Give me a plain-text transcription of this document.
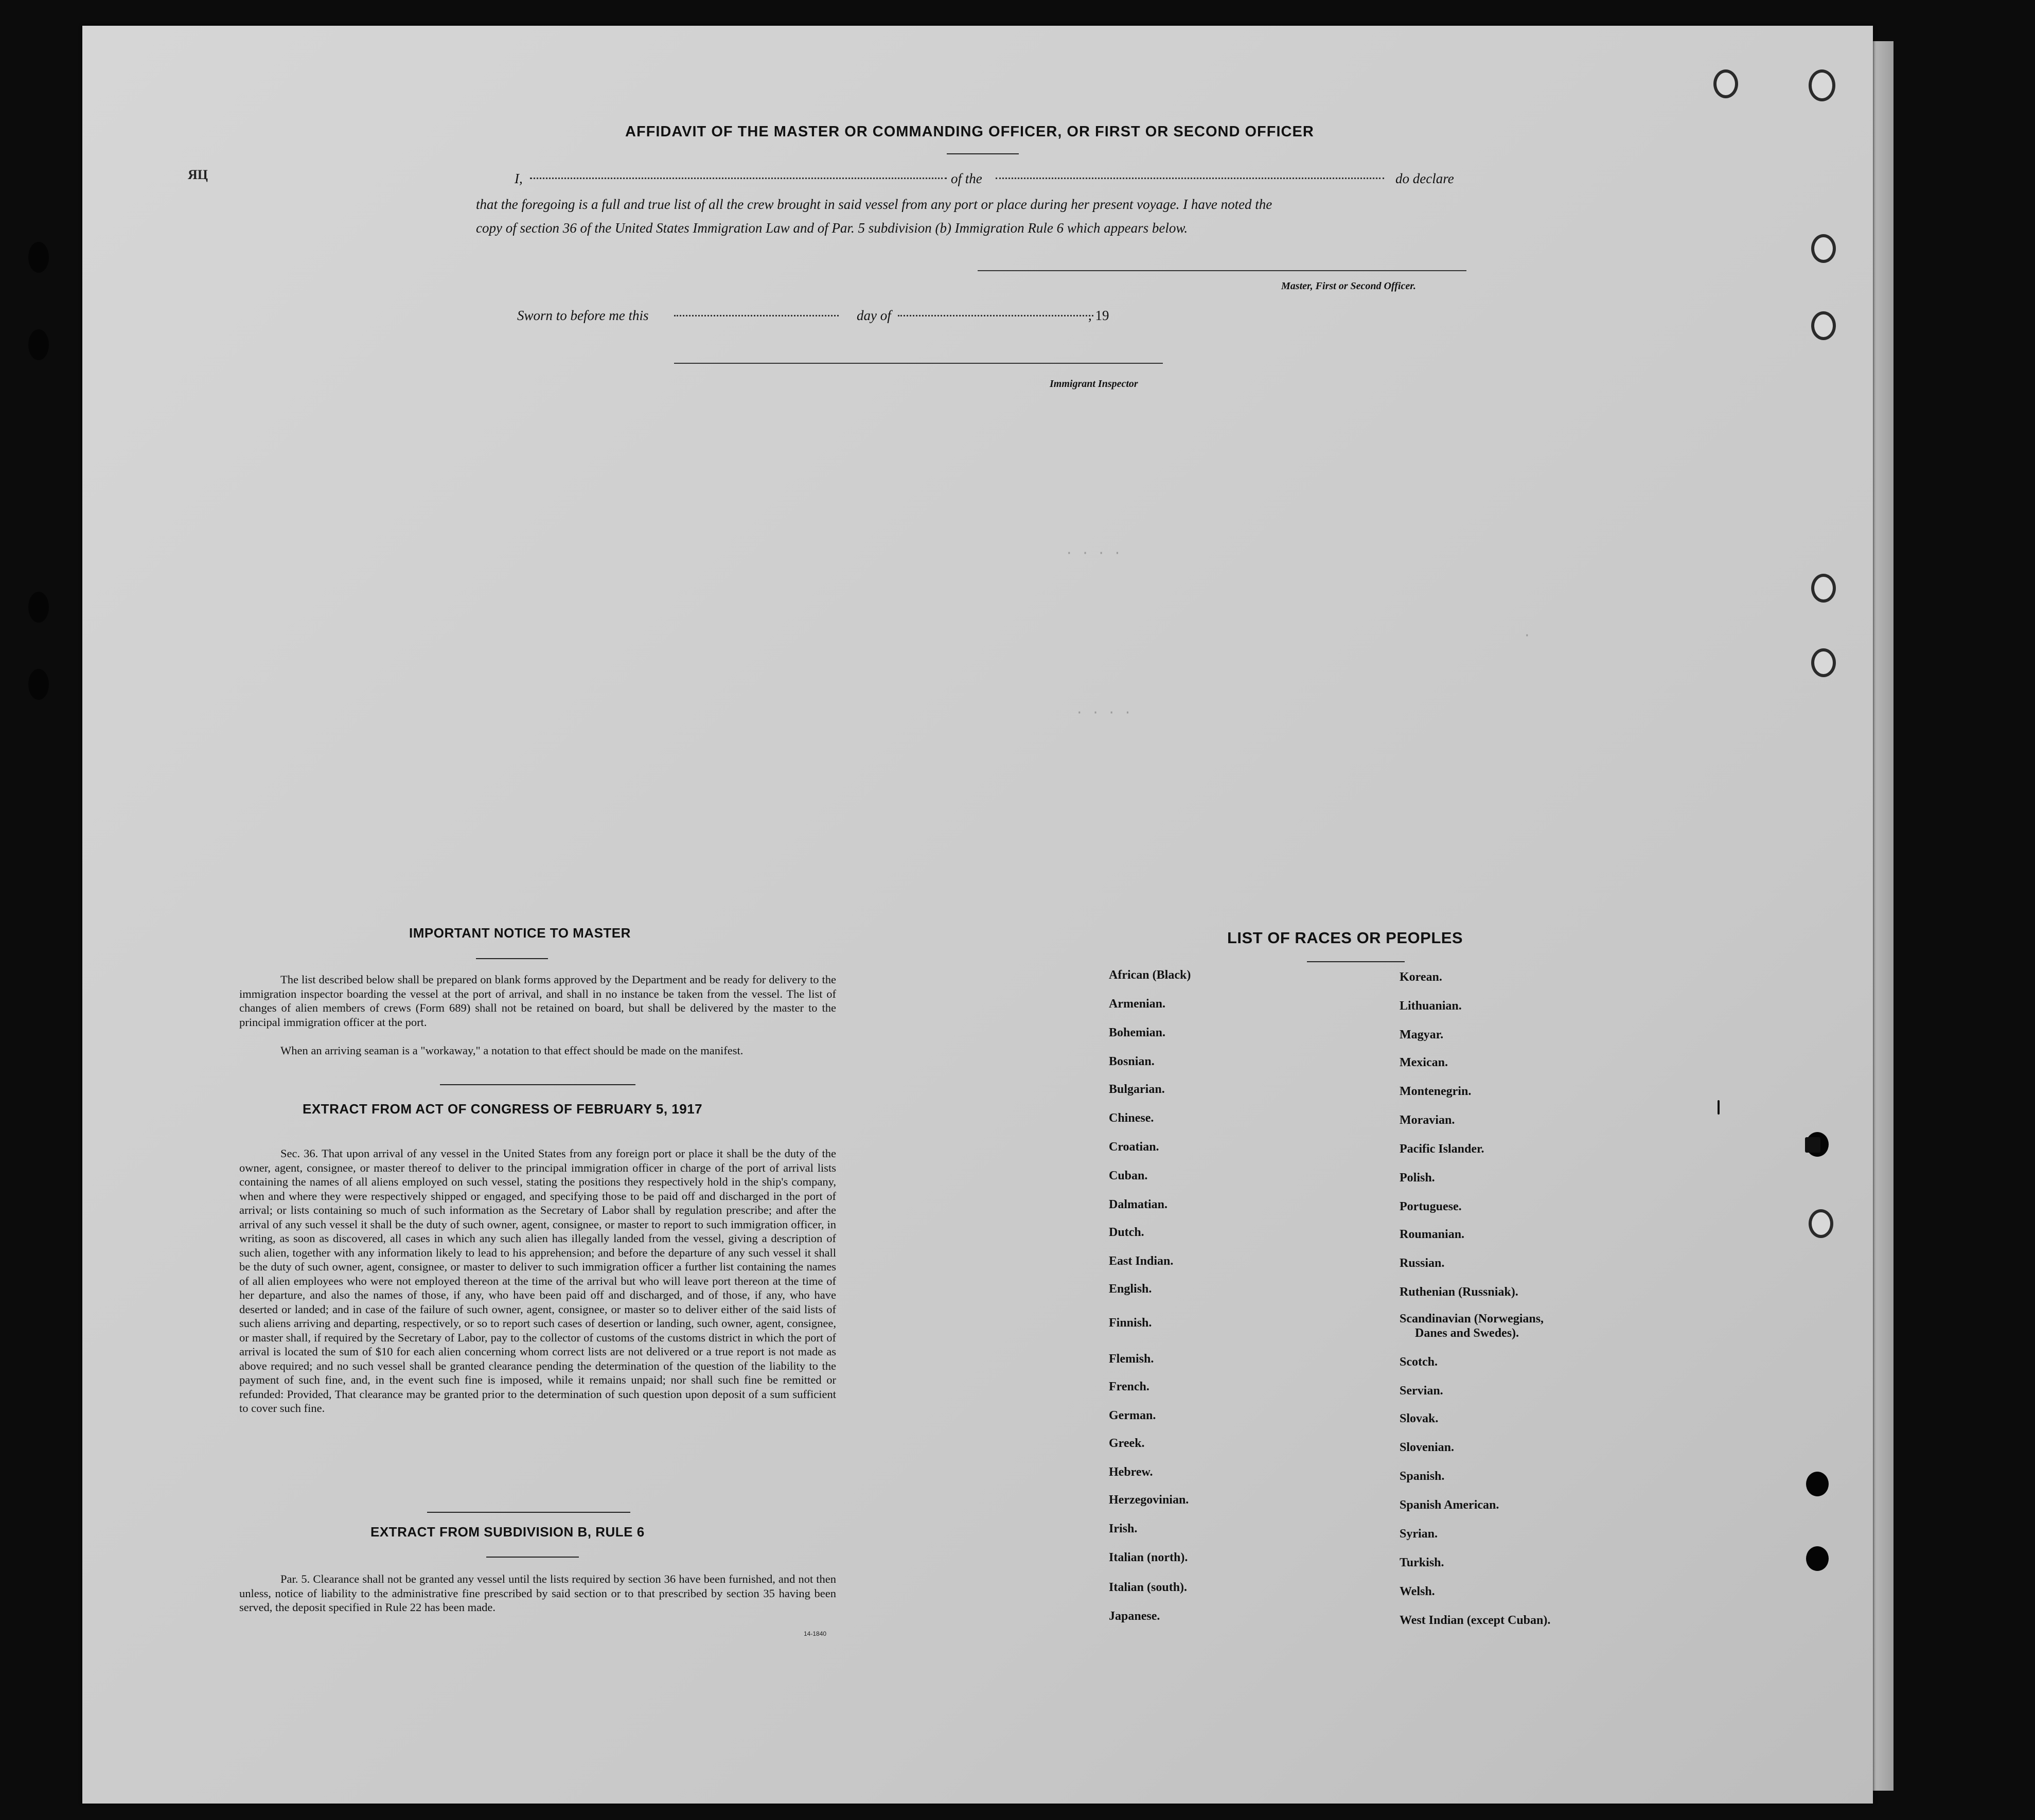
AFFIDAVIT OF THE MASTER OR COMMANDING OFFICER, OR FIRST OR SECOND OFFICER
ЯЦ	I,	of the	do declare
that the foregoing is a full and true list of all the crew brought in said vessel from any port or place during her present voyage. I have noted the
copy of section 36 of the United States Immigration Law and of Par. 5 subdivision (b) Immigration Rule 6 which appears below.
Master, First or Second Officer.
Sworn to before me this	day of	, 19
Immigrant Inspector
· · · ·
· · · ·
·
IMPORTANT NOTICE TO MASTER
The list described below shall be prepared on blank forms approved by the Department and be ready for delivery to the immigration inspector boarding the vessel at the port of arrival, and shall in no instance be taken from the vessel. The list of changes of alien members of crews (Form 689) shall not be retained on board, but shall be delivered by the master to the principal immigration officer at the port.
When an arriving seaman is a "workaway," a notation to that effect should be made on the manifest.
EXTRACT FROM ACT OF CONGRESS OF FEBRUARY 5, 1917
Sec. 36. That upon arrival of any vessel in the United States from any foreign port or place it shall be the duty of the owner, agent, consignee, or master thereof to deliver to the principal immigration officer in charge of the port of arrival lists containing the names of all aliens employed on such vessel, stating the positions they respectively hold in the ship's company, when and where they were respectively shipped or engaged, and specifying those to be paid off and discharged in the port of arrival; or lists containing so much of such information as the Secretary of Labor shall by regulation prescribe; and after the arrival of any such vessel it shall be the duty of such owner, agent, consignee, or master to report to such immigration officer, in writing, as soon as discovered, all cases in which any such alien has illegally landed from the vessel, giving a description of such alien, together with any information likely to lead to his apprehension; and before the departure of any such vessel it shall be the duty of such owner, agent, consignee, or master to deliver to such immigration officer a further list containing the names of all alien employees who were not employed thereon at the time of the arrival but who will leave port thereon at the time of her departure, and also the names of those, if any, who have been paid off and discharged, and of those, if any, who have deserted or landed; and in case of the failure of such owner, agent, consignee, or master so to deliver either of the said lists of such aliens arriving and departing, respectively, or so to report such cases of desertion or landing, such owner, agent, consignee, or master shall, if required by the Secretary of Labor, pay to the collector of customs of the customs district in which the port of arrival is located the sum of $10 for each alien concerning whom correct lists are not delivered or a true report is not made as above required; and no such vessel shall be granted clearance pending the determination of the question of the liability to the payment of such fine, and, in the event such fine is imposed, while it remains unpaid; nor shall such fine be remitted or refunded: Provided, That clearance may be granted prior to the determination of such question upon deposit of a sum sufficient to cover such fine.
EXTRACT FROM SUBDIVISION B, RULE 6
Par. 5. Clearance shall not be granted any vessel until the lists required by section 36 have been furnished, and not then unless, notice of liability to the administrative fine prescribed by said section or to that prescribed by section 35 having been served, the deposit specified in Rule 22 has been made.
14-1840
LIST OF RACES OR PEOPLES
African (Black)
Armenian.
Bohemian.
Bosnian.
Bulgarian.
Chinese.
Croatian.
Cuban.
Dalmatian.
Dutch.
East Indian.
English.
Finnish.
Flemish.
French.
German.
Greek.
Hebrew.
Herzegovinian.
Irish.
Italian (north).
Italian (south).
Japanese.
Korean.
Lithuanian.
Magyar.
Mexican.
Montenegrin.
Moravian.
Pacific Islander.
Polish.
Portuguese.
Roumanian.
Russian.
Ruthenian (Russniak).
Scandinavian (Norwegians,
Danes and Swedes).
Scotch.
Servian.
Slovak.
Slovenian.
Spanish.
Spanish American.
Syrian.
Turkish.
Welsh.
West Indian (except Cuban).
